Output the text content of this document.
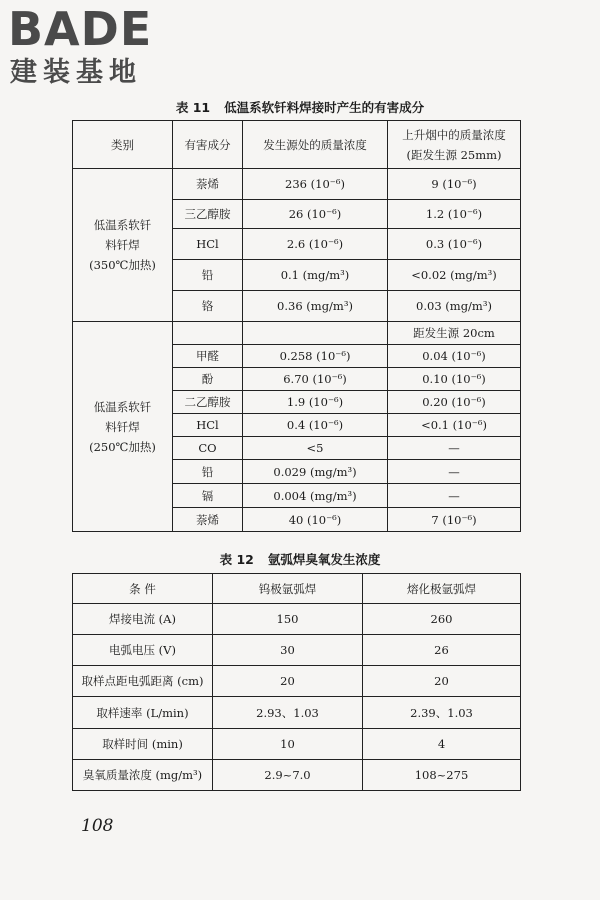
BADE
建装基地
表 11 低温系软钎料焊接时产生的有害成分
类别	有害成分	发生源处的质量浓度	上升烟中的质量浓度
(距发生源 25mm)
低温系软钎
料钎焊
(350℃加热)	萘烯	236 (10⁻⁶)	9 (10⁻⁶)
	三乙醇胺	26 (10⁻⁶)	1.2 (10⁻⁶)
	HCl	2.6 (10⁻⁶)	0.3 (10⁻⁶)
	铅	0.1 (mg/m³)	<0.02 (mg/m³)
	铬	0.36 (mg/m³)	0.03 (mg/m³)
低温系软钎
料钎焊
(250℃加热)			距发生源 20cm
	甲醛	0.258 (10⁻⁶)	0.04 (10⁻⁶)
	酚	6.70 (10⁻⁶)	0.10 (10⁻⁶)
	二乙醇胺	1.9 (10⁻⁶)	0.20 (10⁻⁶)
	HCl	0.4 (10⁻⁶)	<0.1 (10⁻⁶)
	CO	<5	—
	铅	0.029 (mg/m³)	—
	镉	0.004 (mg/m³)	—
	萘烯	40 (10⁻⁶)	7 (10⁻⁶)
表 12 氩弧焊臭氧发生浓度
条 件	钨极氩弧焊	熔化极氩弧焊
焊接电流 (A)	150	260
电弧电压 (V)	30	26
取样点距电弧距离 (cm)	20	20
取样速率 (L/min)	2.93、1.03	2.39、1.03
取样时间 (min)	10	4
臭氧质量浓度 (mg/m³)	2.9~7.0	108~275
108
